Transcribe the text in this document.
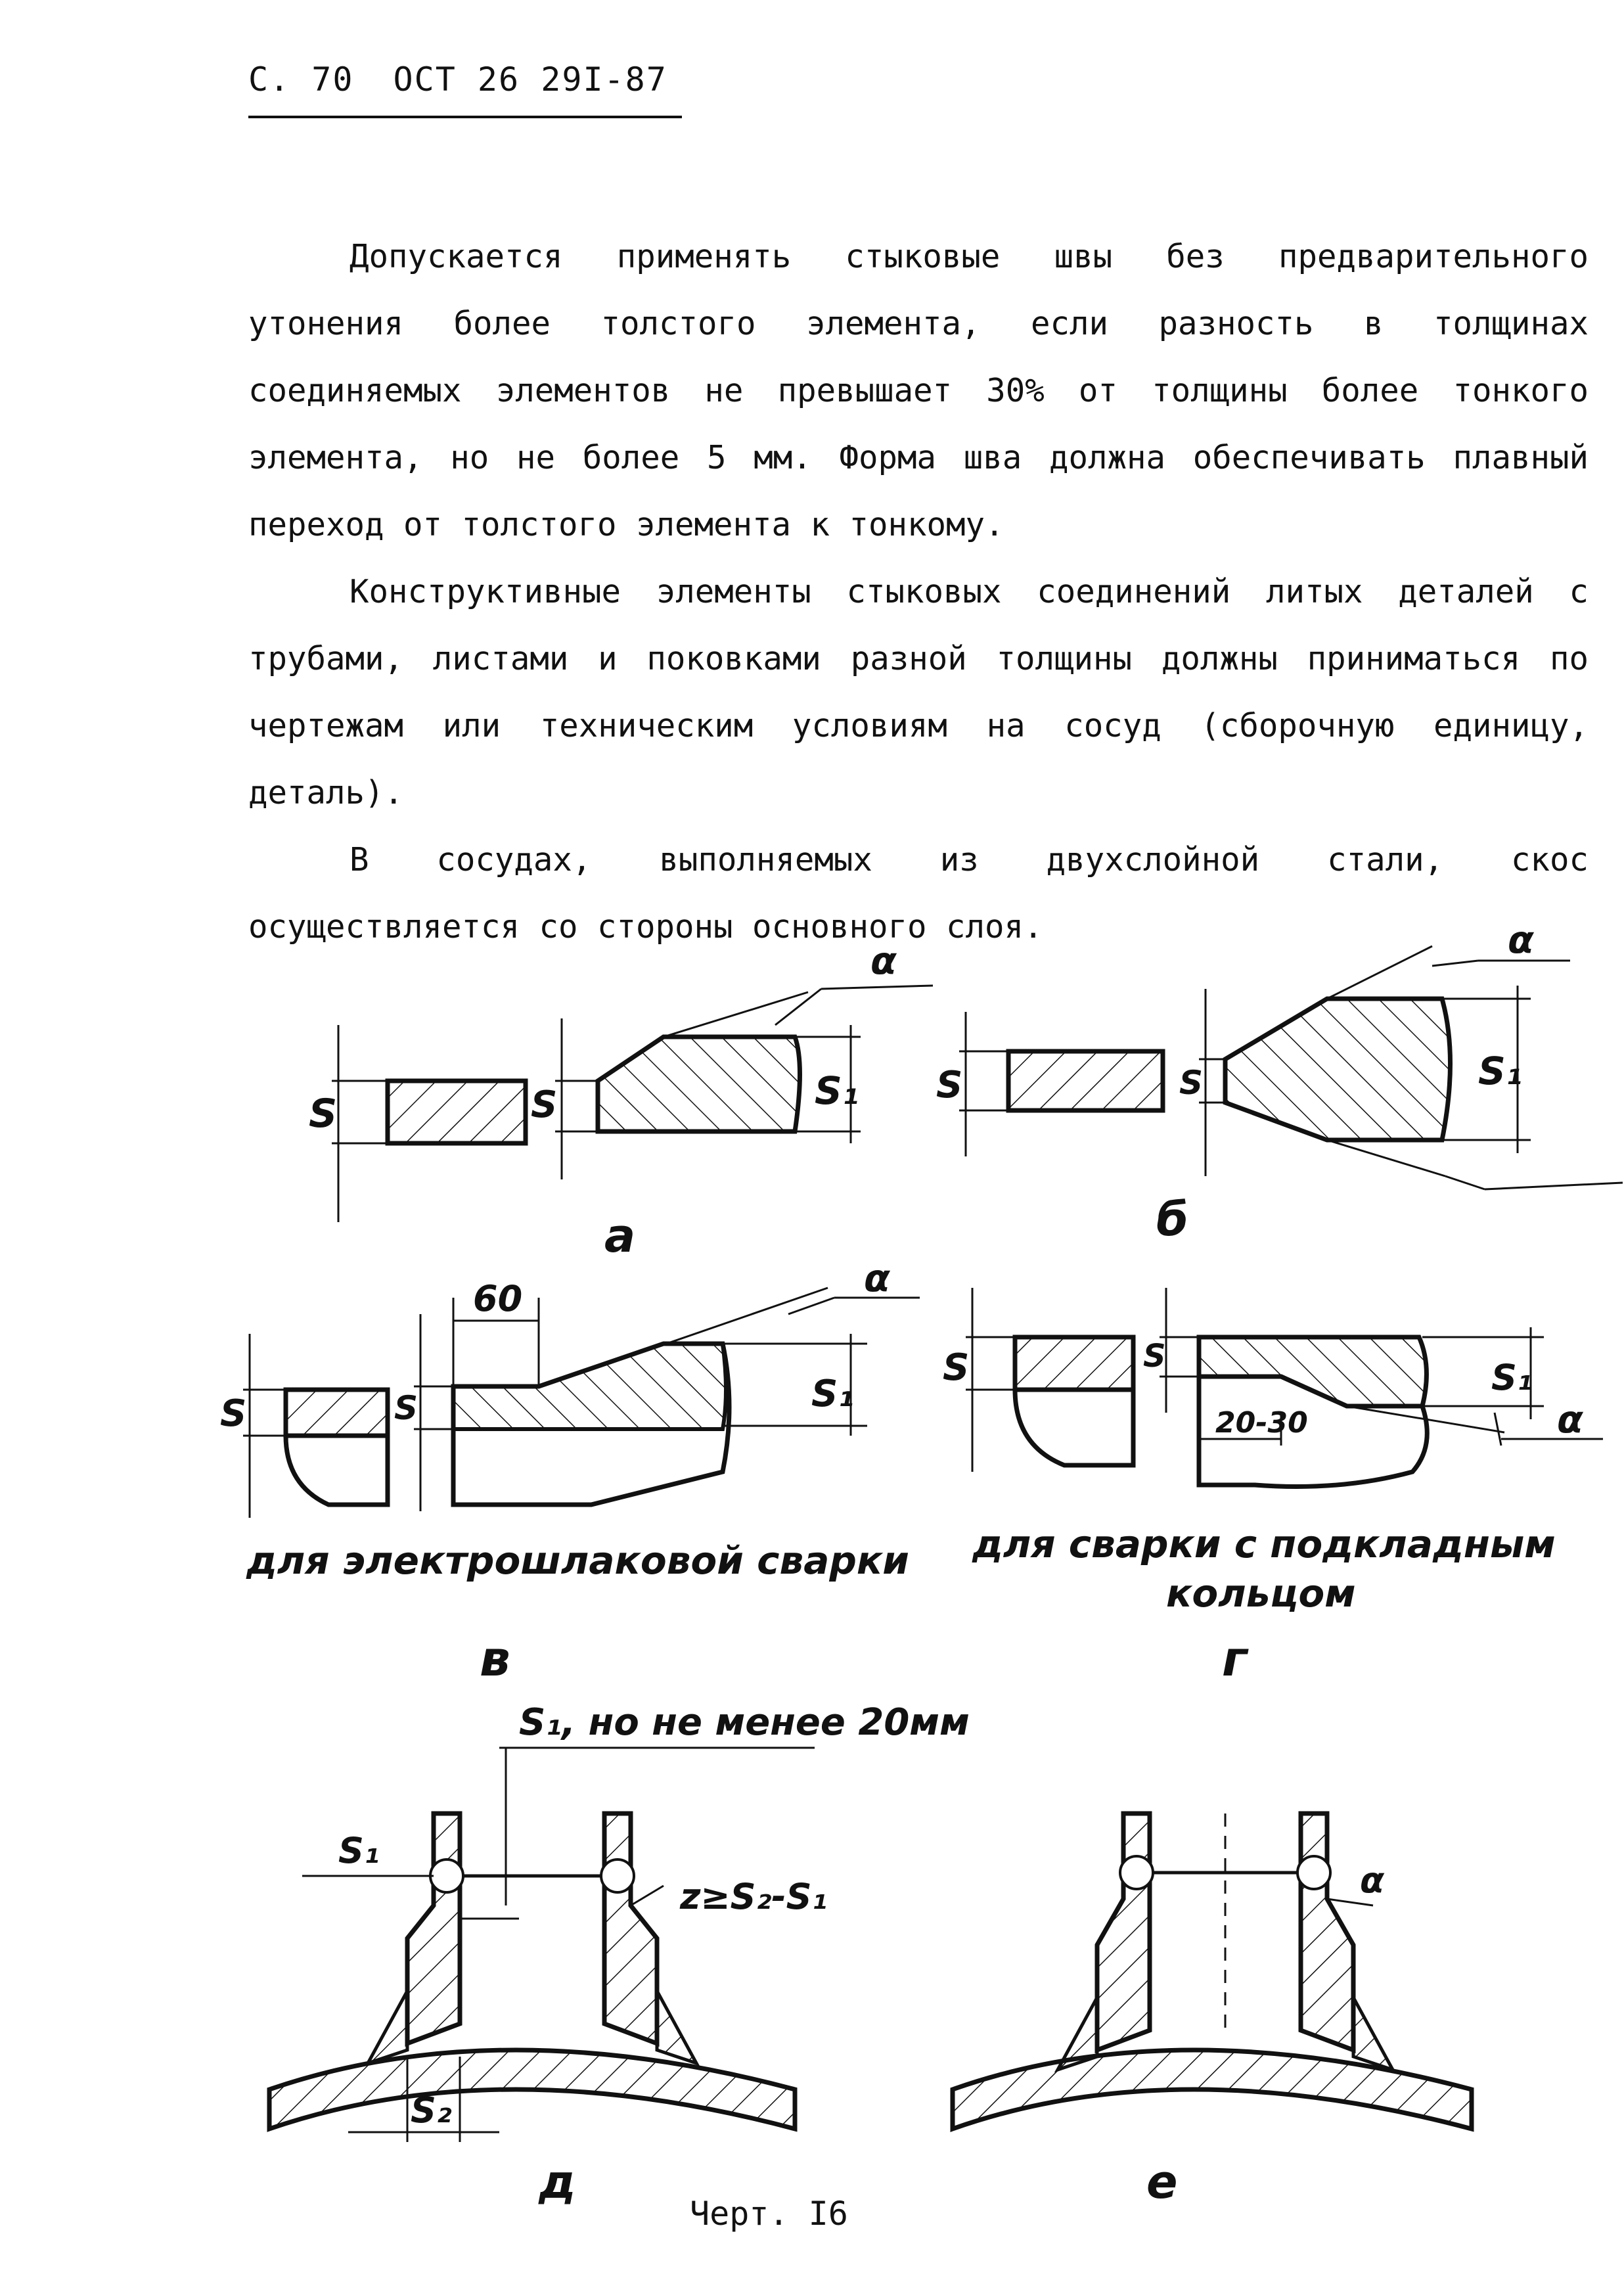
С. 70 ОСТ 26 29I-87

Допускается применять стыковые швы без предварительного утонения более толстого элемента, если разность в толщинах соединяемых элементов не превышает 30% от толщины более тонкого элемента, но не более 5 мм. Форма шва должна обеспечивать плавный переход от толстого элемента к тонкому.

Конструктивные элементы стыковых соединений литых деталей с трубами, листами и поковками разной толщины должны приниматься по чертежам или техническим условиям на сосуд (сборочную единицу, деталь).

В сосудах, выполняемых из двухслойной стали, скос осуществляется со стороны основного слоя.

S	S	S₁
α
а
S	S	S₁
α
б
S	S
60
S₁
α
для электрошлаковой сварки
в
S	S
20-30
S₁
α
для сварки с подкладным
кольцом
г
S₁, но не менее 20мм
S₁
z≥S₂-S₁
S₂
д
α
е
Черт. I6
